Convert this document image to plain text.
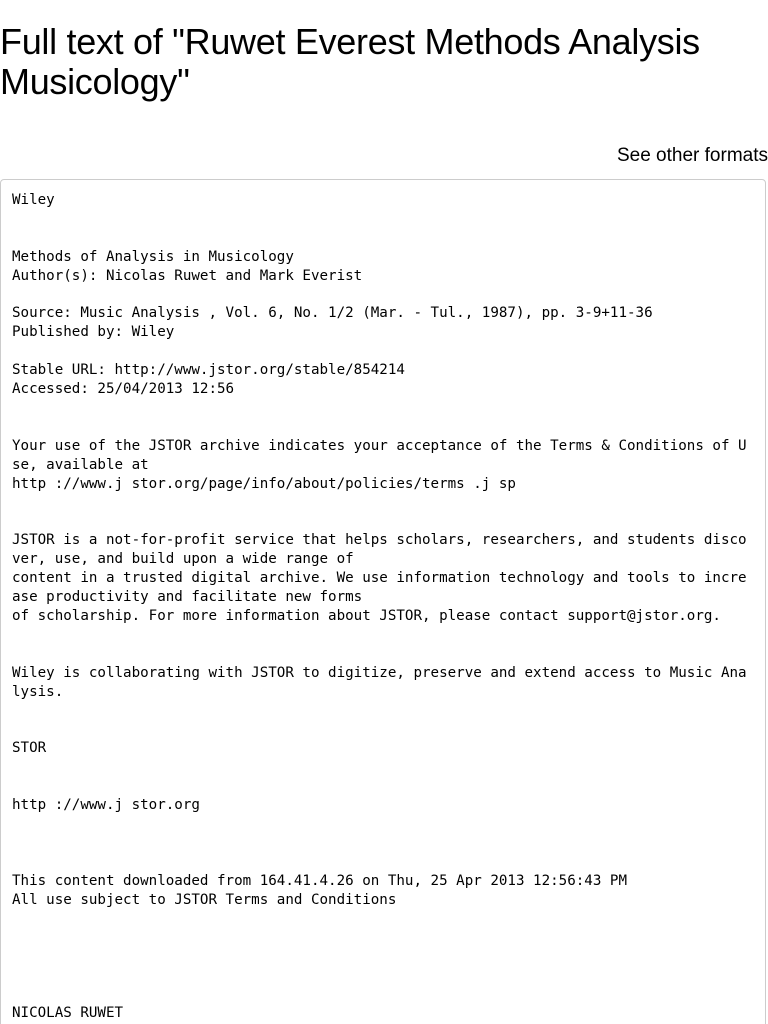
Full text of "Ruwet Everest Methods Analysis Musicology"
See other formats
Wiley

Methods of Analysis in Musicology
Author(s): Nicolas Ruwet and Mark Everist

Source: Music Analysis , Vol. 6, No. 1/2 (Mar. - Tul., 1987), pp. 3-9+11-36
Published by: Wiley

Stable URL: http://www.jstor.org/stable/854214
Accessed: 25/04/2013 12:56

Your use of the JSTOR archive indicates your acceptance of the Terms & Conditions of Use, available at
http ://www.j stor.org/page/info/about/policies/terms .j sp

JSTOR is a not-for-profit service that helps scholars, researchers, and students discover, use, and build upon a wide range of
content in a trusted digital archive. We use information technology and tools to increase productivity and facilitate new forms
of scholarship. For more information about JSTOR, please contact support@jstor.org.

Wiley is collaborating with JSTOR to digitize, preserve and extend access to Music Analysis.

STOR

http ://www.j stor.org

This content downloaded from 164.41.4.26 on Thu, 25 Apr 2013 12:56:43 PM
All use subject to JSTOR Terms and Conditions

NICOLAS RUWET
